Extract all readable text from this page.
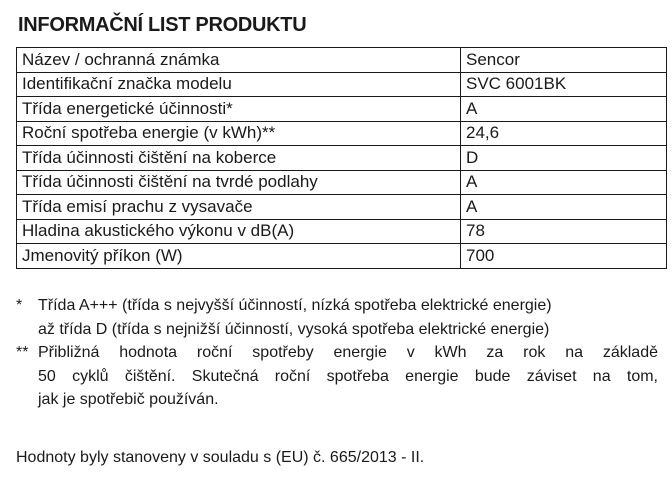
INFORMAČNÍ LIST PRODUKTU
Název / ochranná známka	Sencor
Identifikační značka modelu	SVC 6001BK
Třída energetické účinnosti*	A
Roční spotřeba energie (v kWh)**	24,6
Třída účinnosti čištění na koberce	D
Třída účinnosti čištění na tvrdé podlahy	A
Třída emisí prachu z vysavače	A
Hladina akustického výkonu v dB(A)	78
Jmenovitý příkon (W)	700
* Třída A+++ (třída s nejvyšší účinností, nízká spotřeba elektrické energie)
až třída D (třída s nejnižší účinností, vysoká spotřeba elektrické energie)
** Přibližná hodnota roční spotřeby energie v kWh za rok na základě
50 cyklů čištění. Skutečná roční spotřeba energie bude záviset na tom,
jak je spotřebič používán.
Hodnoty byly stanoveny v souladu s (EU) č. 665/2013 - II.
